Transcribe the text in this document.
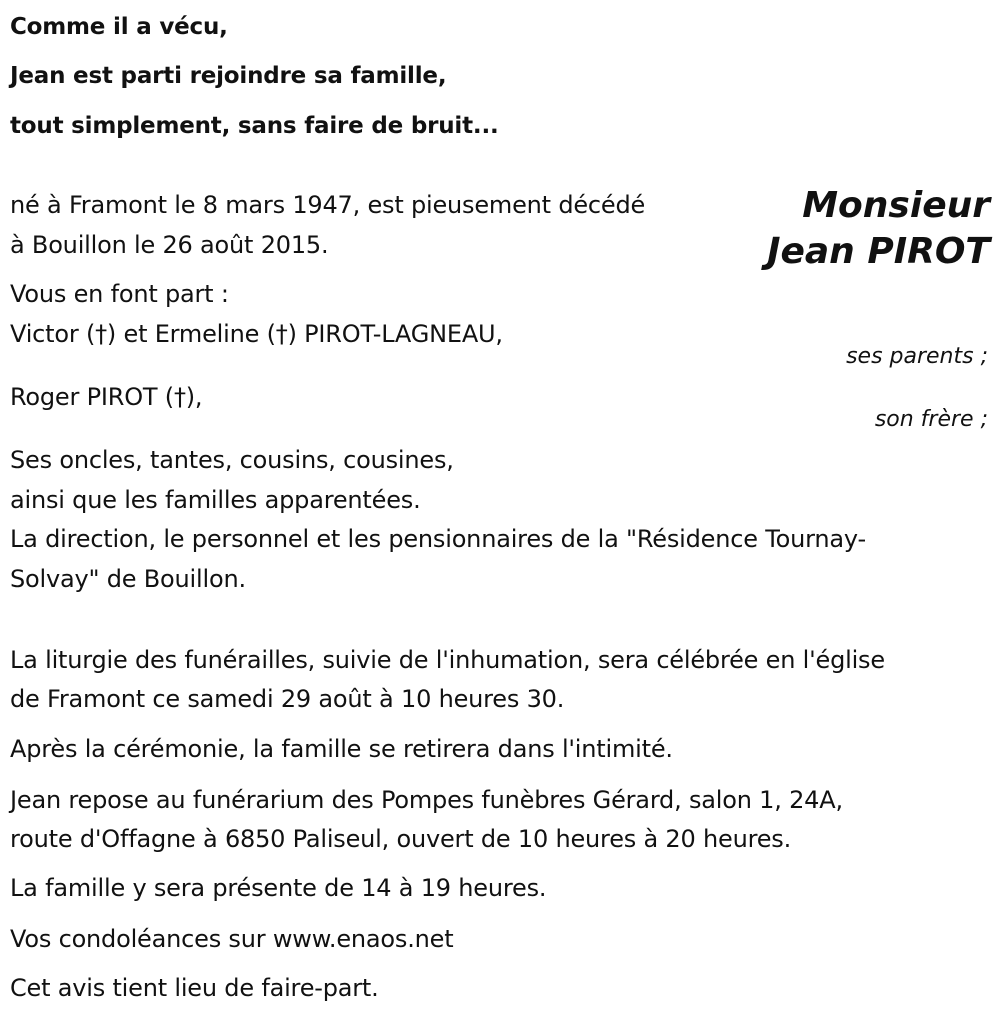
Comme il a vécu,
Jean est parti rejoindre sa famille,
tout simplement, sans faire de bruit...
Monsieur
Jean PIROT
né à Framont le 8 mars 1947, est pieusement décédé
à Bouillon le 26 août 2015.
Vous en font part :
Victor (†) et Ermeline (†) PIROT-LAGNEAU,
ses parents ;
Roger PIROT (†),
son frère ;
Ses oncles, tantes, cousins, cousines,
ainsi que les familles apparentées.
La direction, le personnel et les pensionnaires de la "Résidence Tournay-
Solvay" de Bouillon.
La liturgie des funérailles, suivie de l'inhumation, sera célébrée en l'église
de Framont ce samedi 29 août à 10 heures 30.
Après la cérémonie, la famille se retirera dans l'intimité.
Jean repose au funérarium des Pompes funèbres Gérard, salon 1, 24A,
route d'Offagne à 6850 Paliseul, ouvert de 10 heures à 20 heures.
La famille y sera présente de 14 à 19 heures.
Vos condoléances sur www.enaos.net
Cet avis tient lieu de faire-part.
